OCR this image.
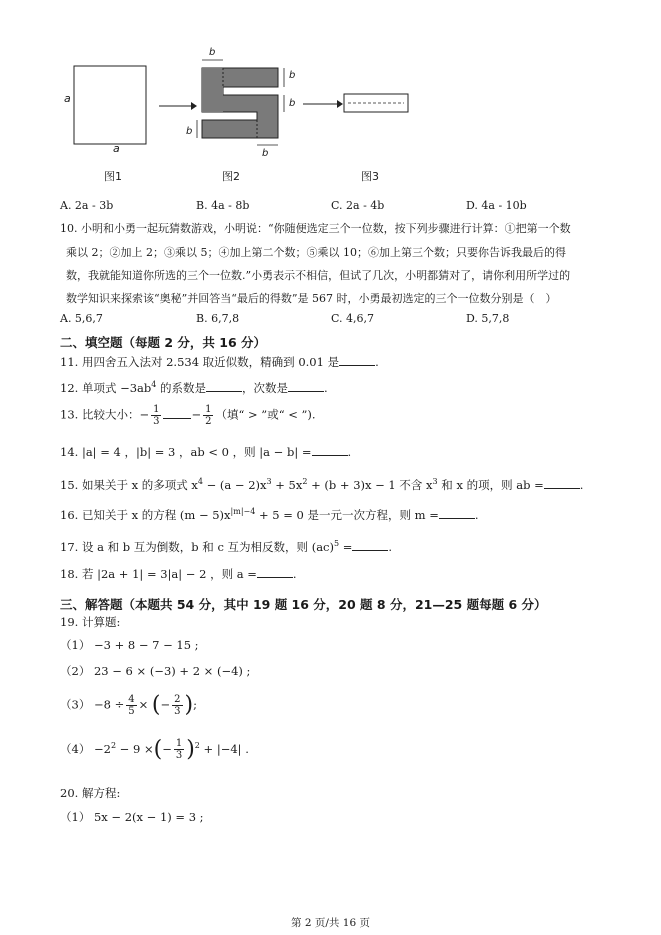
a
a
图1
b
b
b
b
b
图2	图3
A. 2a - 3b	B. 4a - 8b	C. 2a - 4b	D. 4a - 10b
10. 小明和小勇一起玩猜数游戏，小明说：“你随便选定三个一位数，按下列步骤进行计算：①把第一个数
乘以 2；②加上 2；③乘以 5；④加上第二个数；⑤乘以 10；⑥加上第三个数；只要你告诉我最后的得
数，我就能知道你所选的三个一位数.”小勇表示不相信，但试了几次，小明都猜对了，请你利用所学过的
数学知识来探索该“奥秘”并回答当“最后的得数”是 567 时，小勇最初选定的三个一位数分别是（　）
A. 5,6,7	B. 6,7,8	C. 4,6,7	D. 5,7,8
二、填空题（每题 2 分，共 16 分）
11. 用四舍五入法对 2.534 取近似数，精确到 0.01 是	.
12. 单项式 $-3ab^4$ 的系数是	，次数是	.
13. 比较大小：− $\frac{1}{3}$	− $\frac{1}{2}$ （填“ > ”或“ < ”).
14. |a| = 4 ，|b| = 3 ，ab < 0 ，则 |a − b| =	.
15. 如果关于 x 的多项式 $x^4 - (a - 2)x^3 + 5x^2 + (b + 3)x - 1$ 不含 $x^3$ 和 x 的项，则 ab =	.
16. 已知关于 x 的方程 $(m - 5)x^{|m|-4} + 5 = 0$ 是一元一次方程，则 m =	.
17. 设 a 和 b 互为倒数，b 和 c 互为相反数，则 (ac)$^5$ =	.
18. 若 |2a + 1| = 3|a| − 2 ，则 a =	.
三、解答题（本题共 54 分，其中 19 题 16 分，20 题 8 分，21—25 题每题 6 分）
19. 计算题:
（1） −3 + 8 − 7 − 15 ;
（2） 23 − 6 × (−3) + 2 × (−4) ;
$(3) -8 \div \frac{4}{5}$ × (− $\frac{2}{3}$ );
$(4) -2^2 - 9$ ×(− $\frac{1}{3} )^2 + |-4|$ .
20. 解方程:
（1） 5x − 2(x − 1) = 3 ;
第 2 页/共 16 页
